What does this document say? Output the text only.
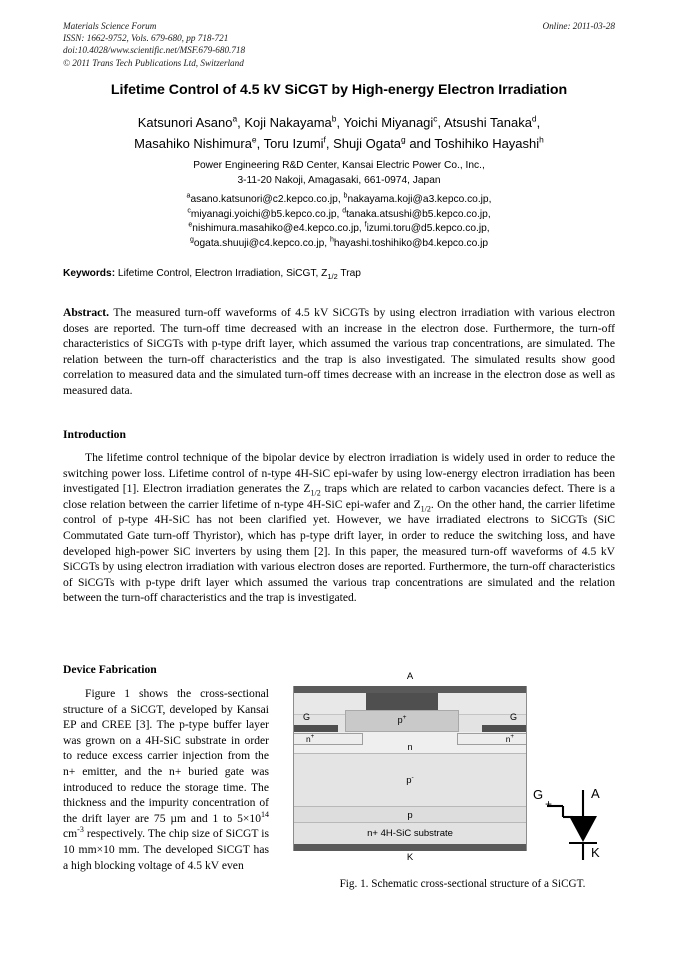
Materials Science Forum	Online: 2011-03-28
ISSN: 1662-9752, Vols. 679-680, pp 718-721
doi:10.4028/www.scientific.net/MSF.679-680.718
© 2011 Trans Tech Publications Ltd, Switzerland
Lifetime Control of 4.5 kV SiCGT by High-energy Electron Irradiation
Katsunori Asano$^a$, Koji Nakayama$^b$, Yoichi Miyanagi$^c$, Atsushi Tanaka$^d$,
Masahiko Nishimura$^e$, Toru Izumi$^f$, Shuji Ogata$^g$ and Toshihiko Hayashi$^h$
Power Engineering R&D Center, Kansai Electric Power Co., Inc.,
3-11-20 Nakoji, Amagasaki, 661-0974, Japan
$^a$asano.katsunori@c2.kepco.co.jp, $^b$nakayama.koji@a3.kepco.co.jp,
$^c$miyanagi.yoichi@b5.kepco.co.jp, $^d$tanaka.atsushi@b5.kepco.co.jp,
$^e$nishimura.masahiko@e4.kepco.co.jp, $^f$izumi.toru@d5.kepco.co.jp,
$^g$ogata.shuuji@c4.kepco.co.jp, $^h$hayashi.toshihiko@b4.kepco.co.jp
Keywords: Lifetime Control, Electron Irradiation, SiCGT, $Z_{1/2}$ Trap
Abstract. The measured turn-off waveforms of 4.5 kV SiCGTs by using electron irradiation with various electron doses are reported. The turn-off time decreased with an increase in the electron dose. Furthermore, the turn-off characteristics of SiCGTs with p-type drift layer, which assumed the various trap concentrations, are simulated. The relation between the turn-off characteristics and the trap is also investigated. The simulated results show good correlation to measured data and the simulated turn-off times decrease with an increase in the electron dose as well as measured data.
Introduction
The lifetime control technique of the bipolar device by electron irradiation is widely used in order to reduce the switching power loss. Lifetime control of n-type 4H-SiC epi-wafer by using low-energy electron irradiation has been investigated [1]. Electron irradiation generates the $Z_{1/2}$ traps which are related to carbon vacancies defect. There is a close relation between the carrier lifetime of n-type 4H-SiC epi-wafer and $Z_{1/2}$. On the other hand, the carrier lifetime control of p-type 4H-SiC has not been clarified yet. However, we have irradiated electrons to SiCGTs (SiC Commutated Gate turn-off Thyristor), which has p-type drift layer, in order to reduce the switching loss, and have developed high-power SiC inverters by using them [2]. In this paper, the measured turn-off waveforms of 4.5 kV SiCGTs by using electron irradiation with various electron doses are reported. Furthermore, the turn-off characteristics of SiCGTs with p-type drift layer which assumed the various trap concentrations are simulated and the relation between the turn-off characteristics and the trap is investigated.
Device Fabrication
Figure 1 shows the cross-sectional structure of a SiCGT, developed by Kansai EP and CREE [3]. The p-type buffer layer was grown on a 4H-SiC substrate in order to reduce excess carrier injection from the n+ emitter, and the n+ buried gate was introduced to reduce the storage time. The thickness and the impurity concentration of the drift layer are 75 µm and 1 to $5\times 10^{14}$ $cm^{-3}$ respectively. The chip size of SiCGT is 10 mm×10 mm. The developed SiCGT has a high blocking voltage of 4.5 kV even
A
p+
G	G
n
n+	n+
p-
p
n+ 4H-SiC substrate
K
G
+
A
K
Fig. 1. Schematic cross-sectional structure of a SiCGT.
